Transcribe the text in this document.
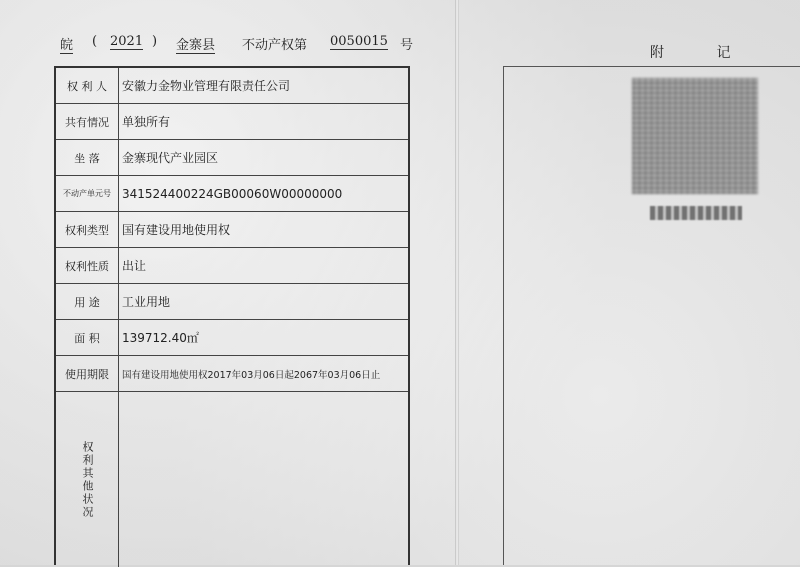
皖 ( 2021 ) 金寨县 不动产权第 0050015 号
权 利 人	安徽力金物业管理有限责任公司
共有情况	单独所有
坐 落	金寨现代产业园区
不动产单元号 341524400224GB00060W00000000
权利类型	国有建设用地使用权
权利性质	出让
用 途	工业用地
面 积	139712.40㎡
使用期限	国有建设用地使用权2017年03月06日起2067年03月06日止
权利其他状况
附 记
